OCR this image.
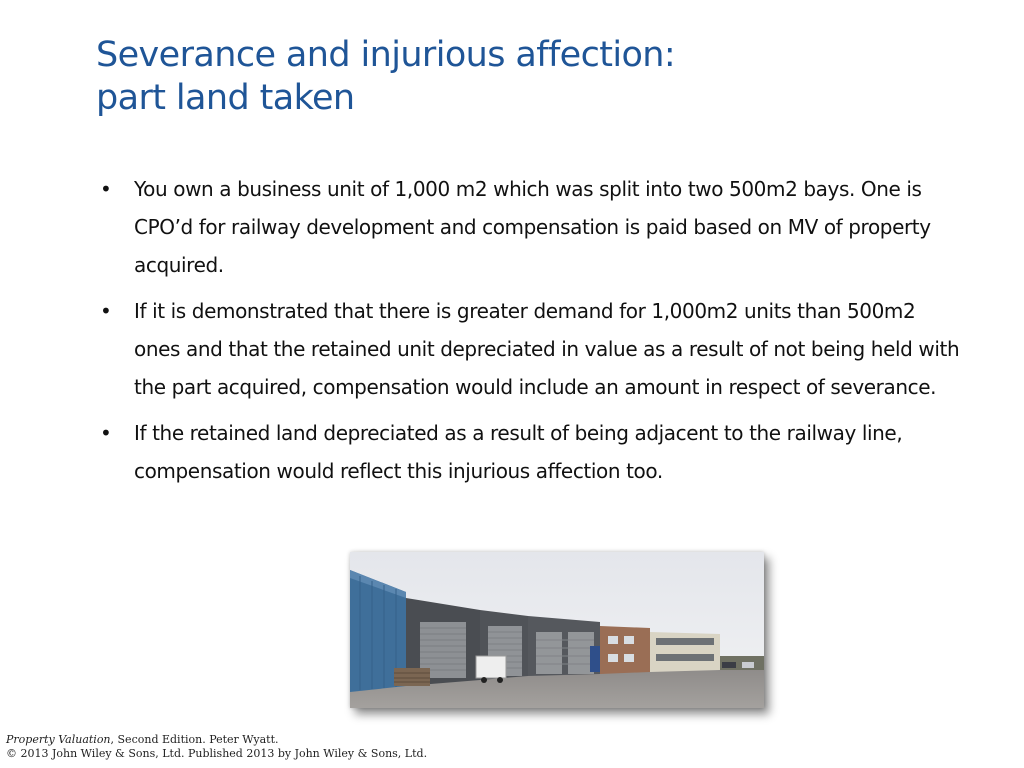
Severance and injurious affection:
part land taken
•	You own a business unit of 1,000 m2 which was split into two 500m2 bays. One is CPO’d for railway development and compensation is paid based on MV of property acquired.
•	If it is demonstrated that there is greater demand for 1,000m2 units than 500m2 ones and that the retained unit depreciated in value as a result of not being held with the part acquired, compensation would include an amount in respect of severance.
•	If the retained land depreciated as a result of being adjacent to the railway line, compensation would reflect this injurious affection too.
Property Valuation, Second Edition. Peter Wyatt.
© 2013 John Wiley & Sons, Ltd. Published 2013 by John Wiley & Sons, Ltd.
